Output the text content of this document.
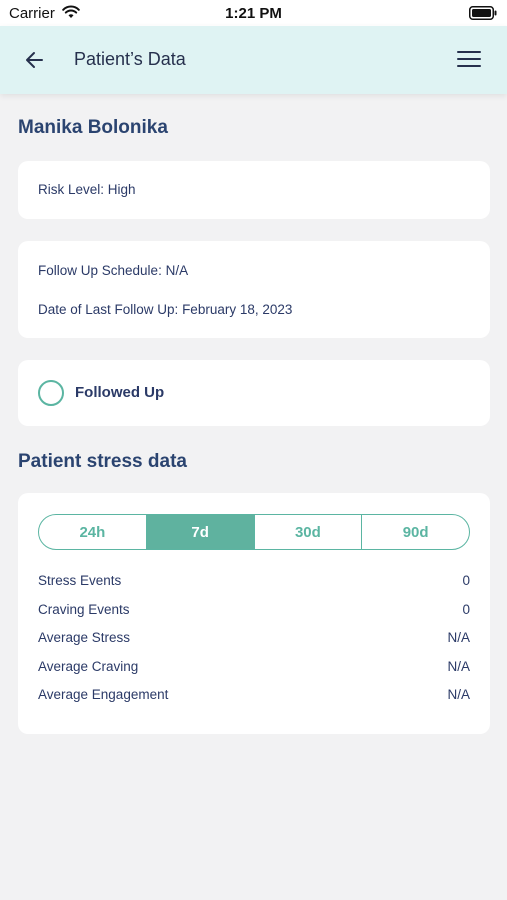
Carrier	1:21 PM
Patient’s Data
Manika Bolonika
Risk Level: High
Follow Up Schedule: N/A
Date of Last Follow Up: February 18, 2023
Followed Up
Patient stress data
24h	7d	30d	90d
Stress Events	0
Craving Events	0
Average Stress	N/A
Average Craving	N/A
Average Engagement	N/A
